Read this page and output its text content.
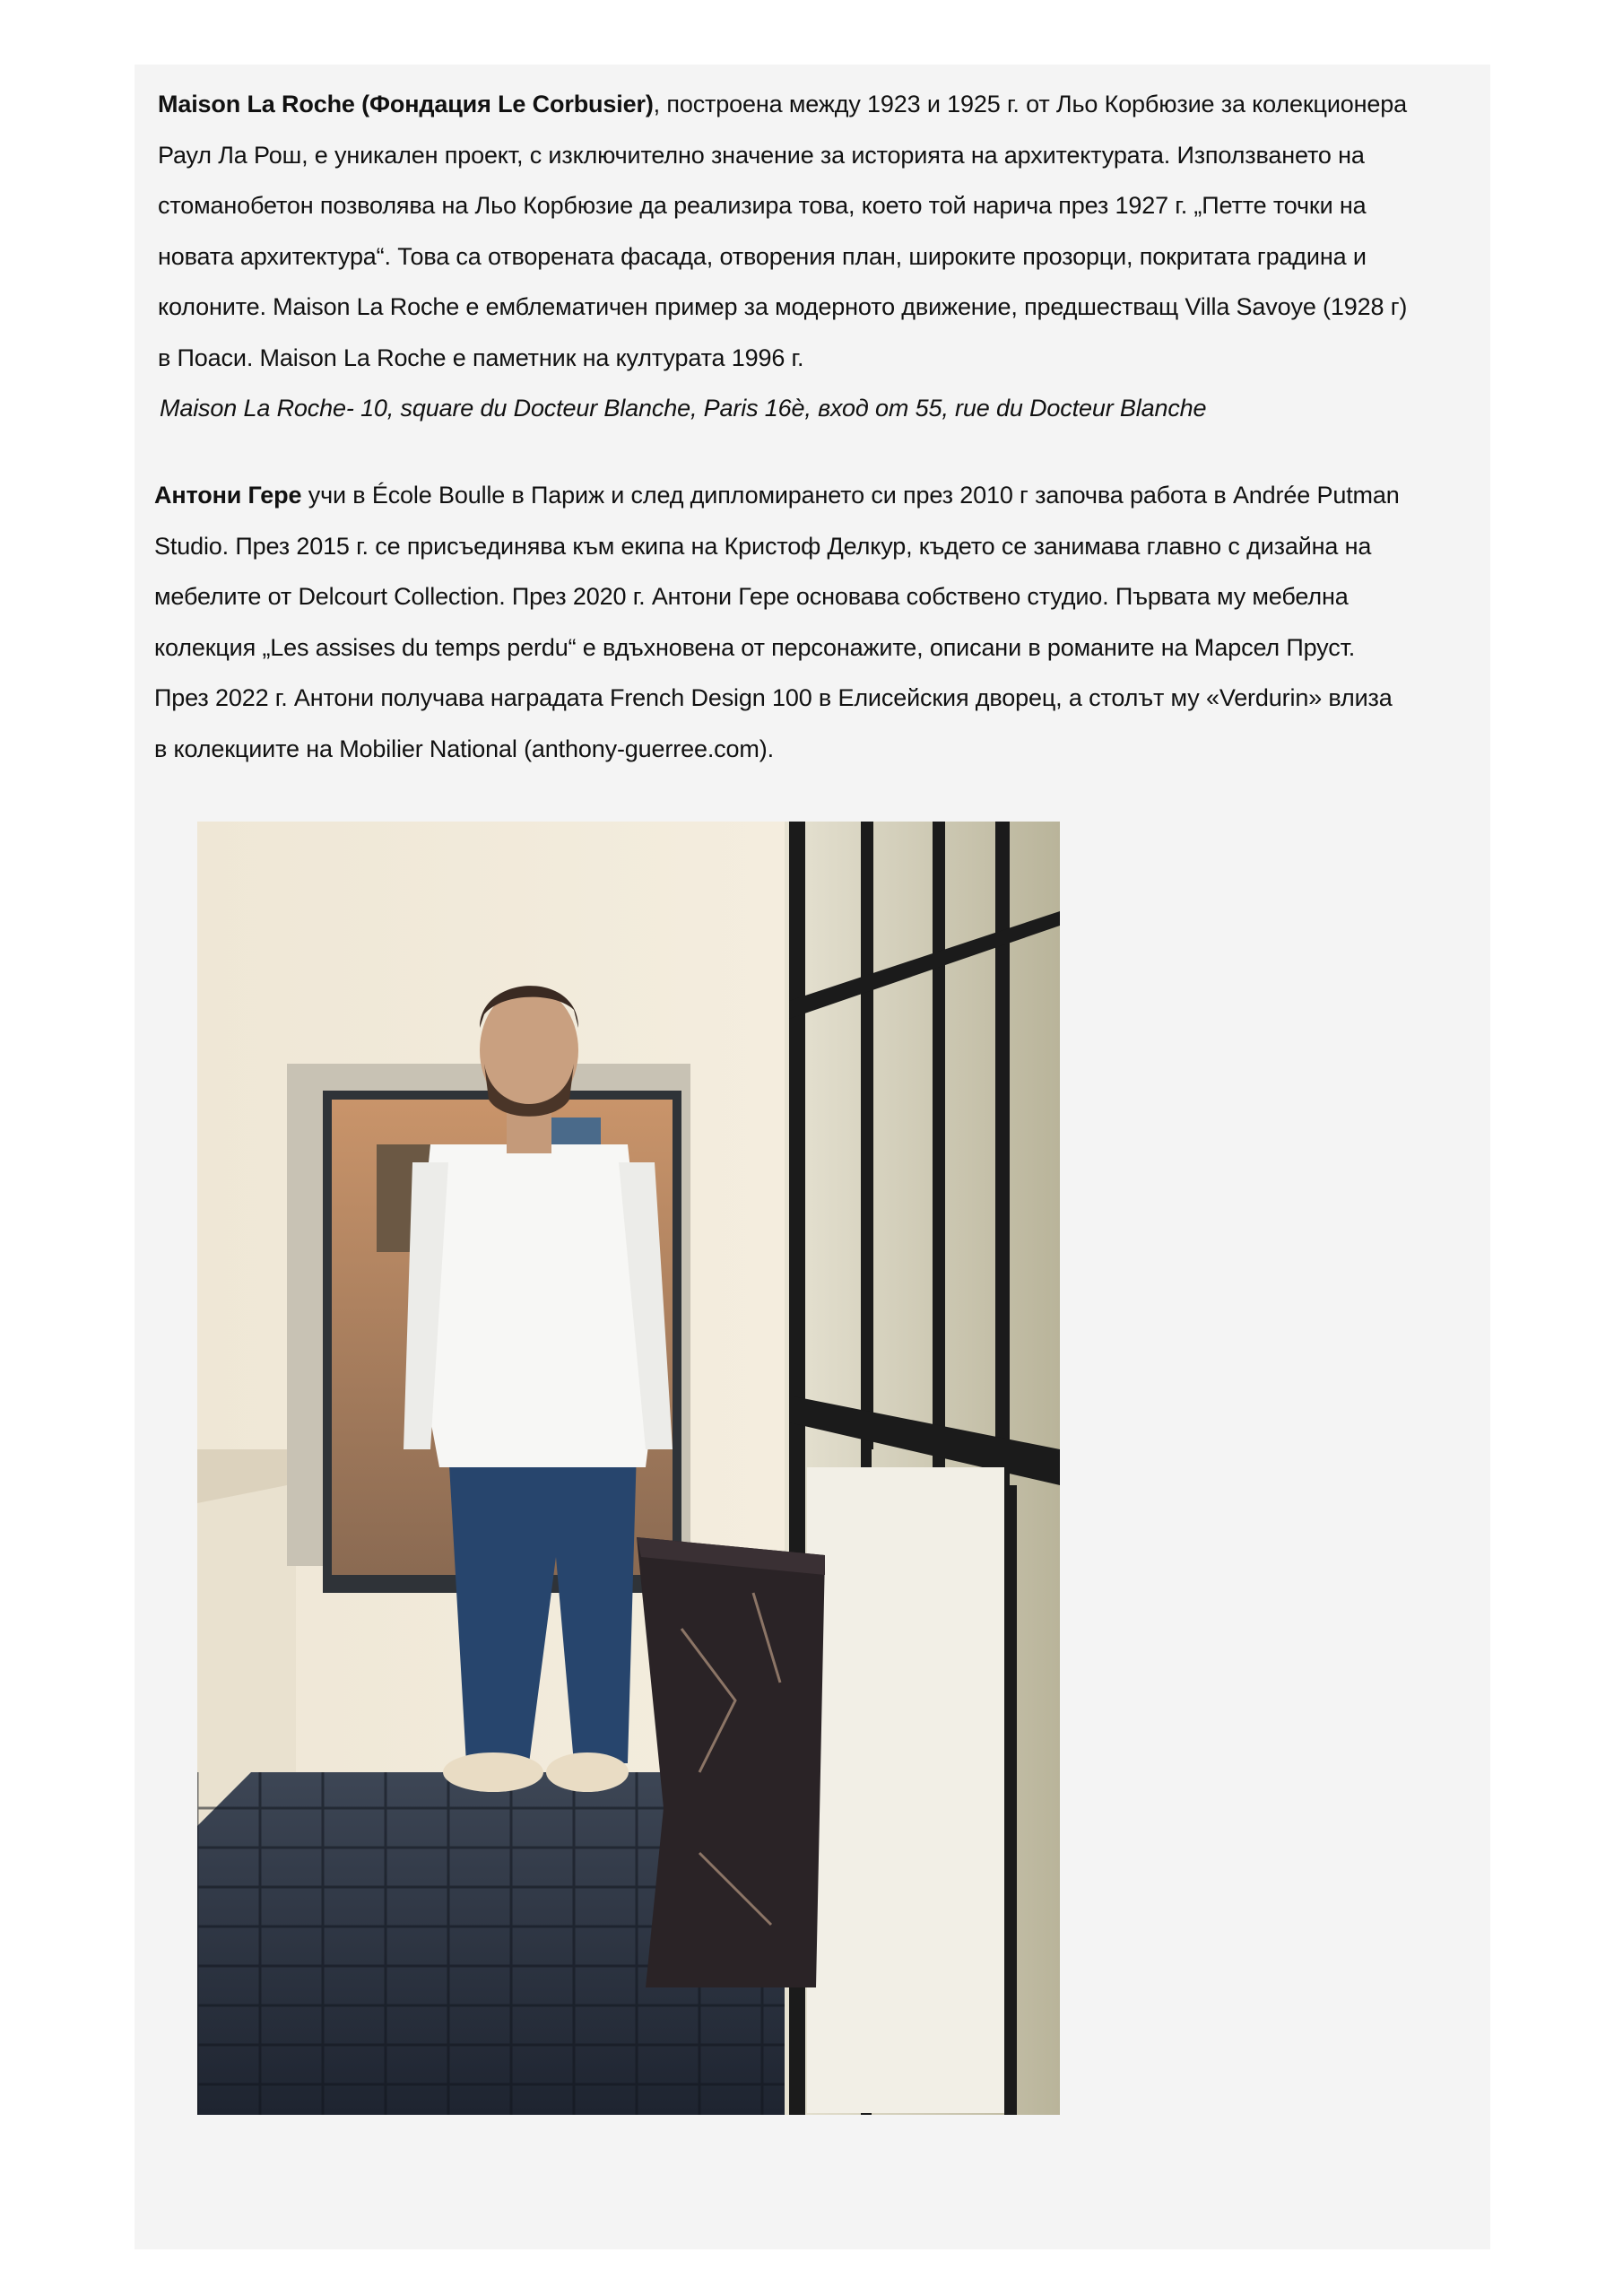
Maison La Roche (Фондация Le Corbusier), построена между 1923 и 1925 г. от Льо Корбюзие за колекционера
Раул Ла Рош, е уникален проект, с изключително значение за историята на архитектурата. Използването на
стоманобетон позволява на Льо Корбюзие да реализира това, което той нарича през 1927 г. „Петте точки на
новата архитектура“. Това са отворената фасада, отворения план, широките прозорци, покритата градина и
колоните. Maison La Roche е емблематичен пример за модерното движение, предшестващ Villa Savoye (1928 г)
в Поаси. Maison La Roche е паметник на културата 1996 г.
Maison La Roche- 10, square du Docteur Blanche, Paris 16è, вход от 55, rue du Docteur Blanche
Антони Гере учи в École Boulle в Париж и след дипломирането си през 2010 г започва работа в Andrée Putman
Studio. През 2015 г. се присъединява към екипа на Кристоф Делкур, където се занимава главно с дизайна на
мебелите от Delcourt Collection. През 2020 г. Антони Гере основава собствено студио. Първата му мебелна
колекция „Les assises du temps perdu“ е вдъхновена от персонажите, описани в романите на Марсел Пруст.
През 2022 г. Антони получава наградата French Design 100 в Елисейския дворец, а столът му «Verdurin» влиза
в колекциите на Mobilier National (anthony-guerree.com).
